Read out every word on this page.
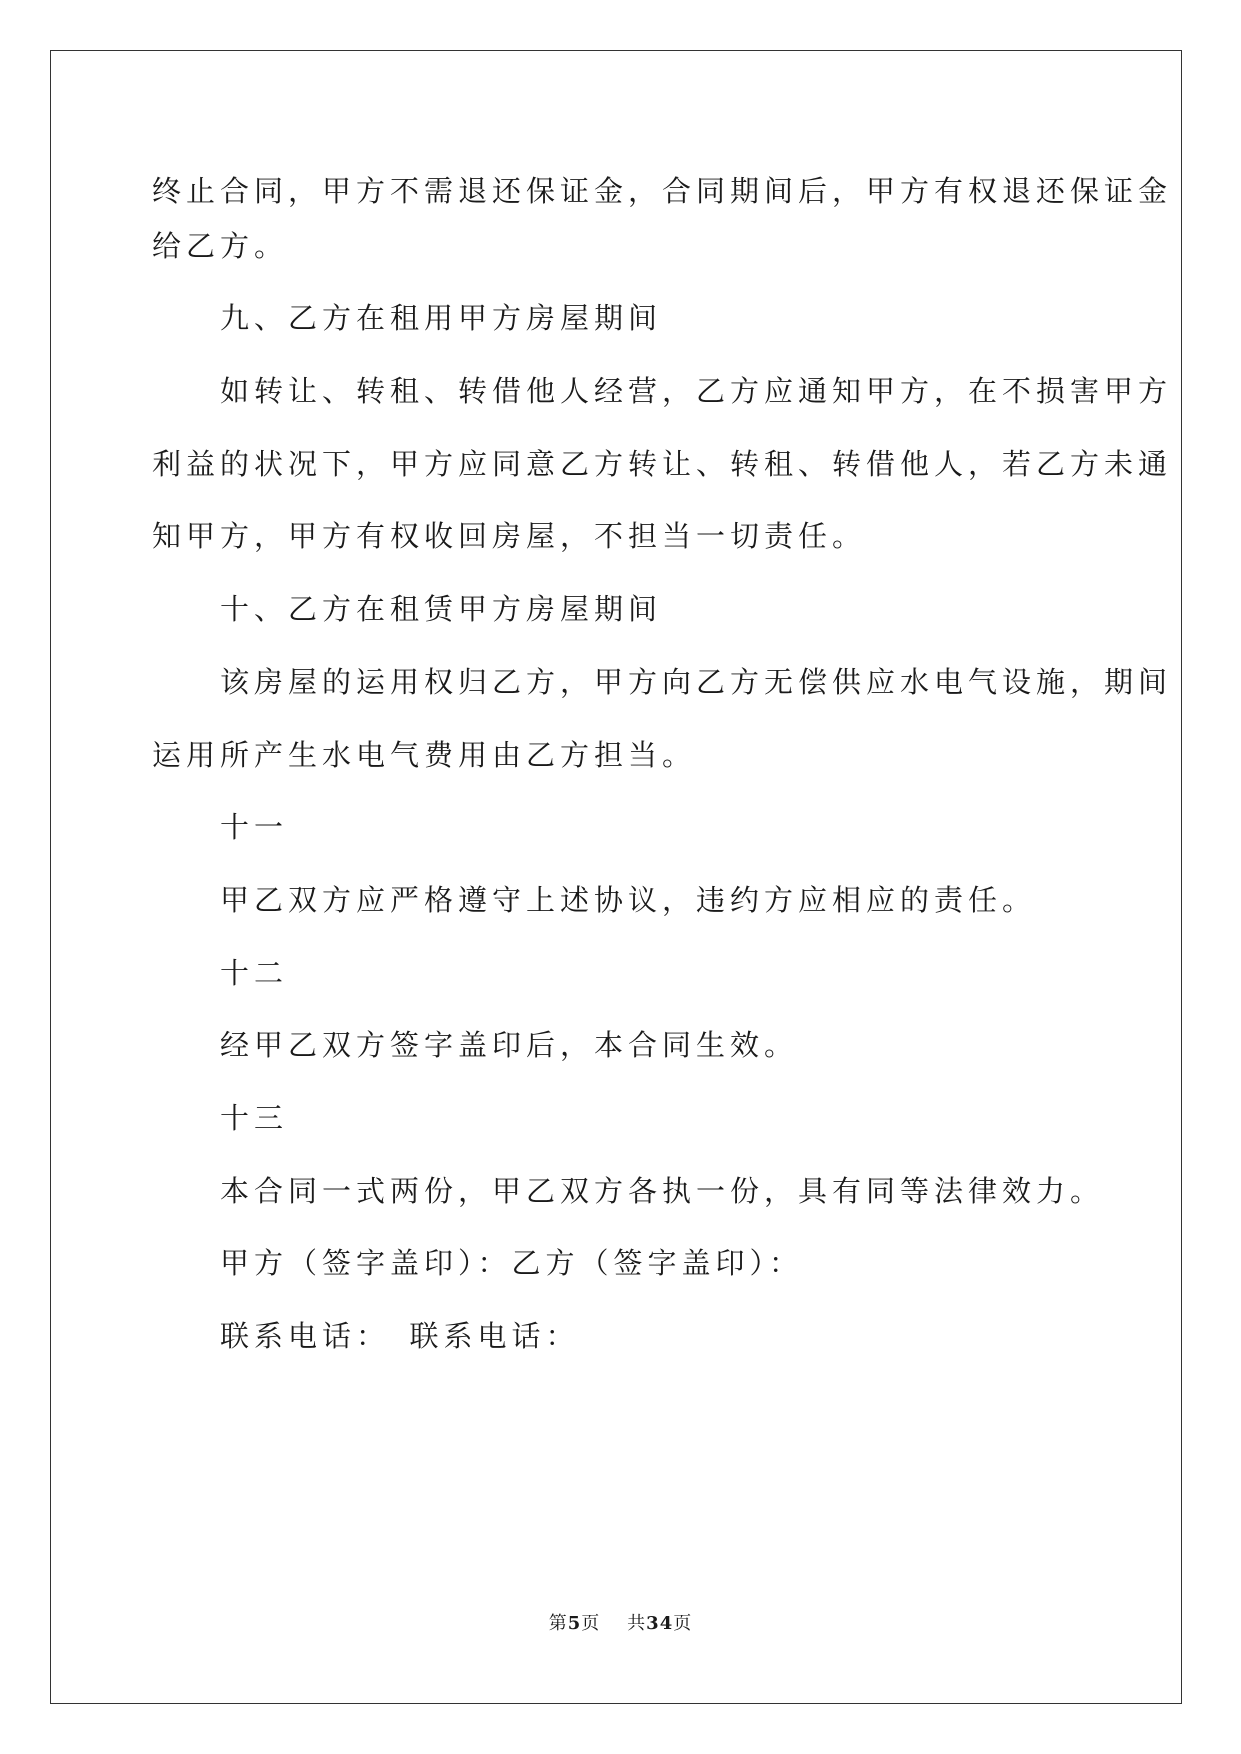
终止合同，甲方不需退还保证金，合同期间后，甲方有权退还保证金
给乙方。
　　九、乙方在租用甲方房屋期间
　　如转让、转租、转借他人经营，乙方应通知甲方，在不损害甲方
利益的状况下，甲方应同意乙方转让、转租、转借他人，若乙方未通
知甲方，甲方有权收回房屋，不担当一切责任。
　　十、乙方在租赁甲方房屋期间
　　该房屋的运用权归乙方，甲方向乙方无偿供应水电气设施，期间
运用所产生水电气费用由乙方担当。
　　十一
　　甲乙双方应严格遵守上述协议，违约方应相应的责任。
　　十二
　　经甲乙双方签字盖印后，本合同生效。
　　十三
　　本合同一式两份，甲乙双方各执一份，具有同等法律效力。
　　甲方（签字盖印）：乙方（签字盖印）：
　　联系电话：　联系电话：
第5页 共34页
